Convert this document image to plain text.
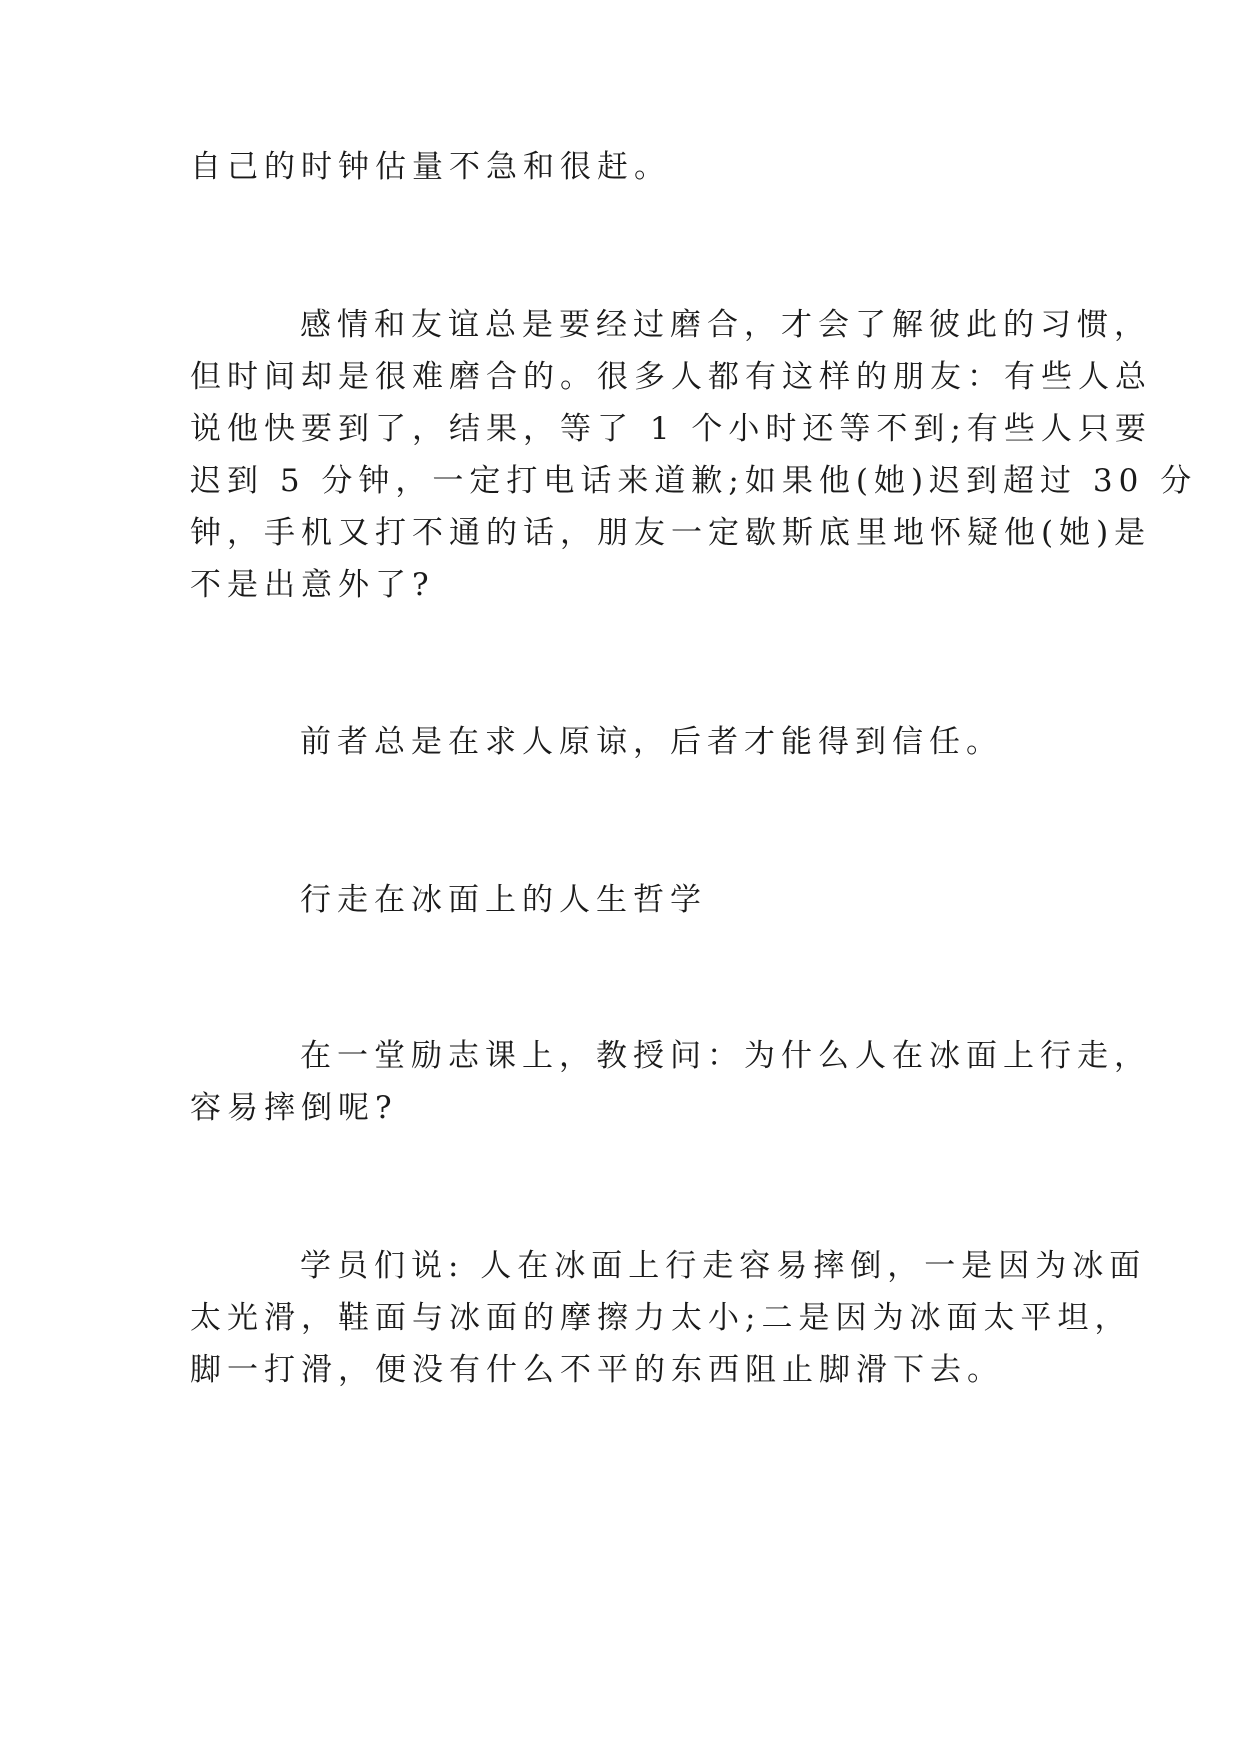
自己的时钟估量不急和很赶。

感情和友谊总是要经过磨合，才会了解彼此的习惯，

但时间却是很难磨合的。很多人都有这样的朋友：有些人总

说他快要到了，结果，等了 1 个小时还等不到;有些人只要

迟到 5 分钟，一定打电话来道歉;如果他(她)迟到超过 30 分

钟，手机又打不通的话，朋友一定歇斯底里地怀疑他(她)是

不是出意外了?

前者总是在求人原谅，后者才能得到信任。

行走在冰面上的人生哲学

在一堂励志课上，教授问：为什么人在冰面上行走，

容易摔倒呢?

学员们说: 人在冰面上行走容易摔倒，一是因为冰面

太光滑，鞋面与冰面的摩擦力太小;二是因为冰面太平坦，

脚一打滑，便没有什么不平的东西阻止脚滑下去。
